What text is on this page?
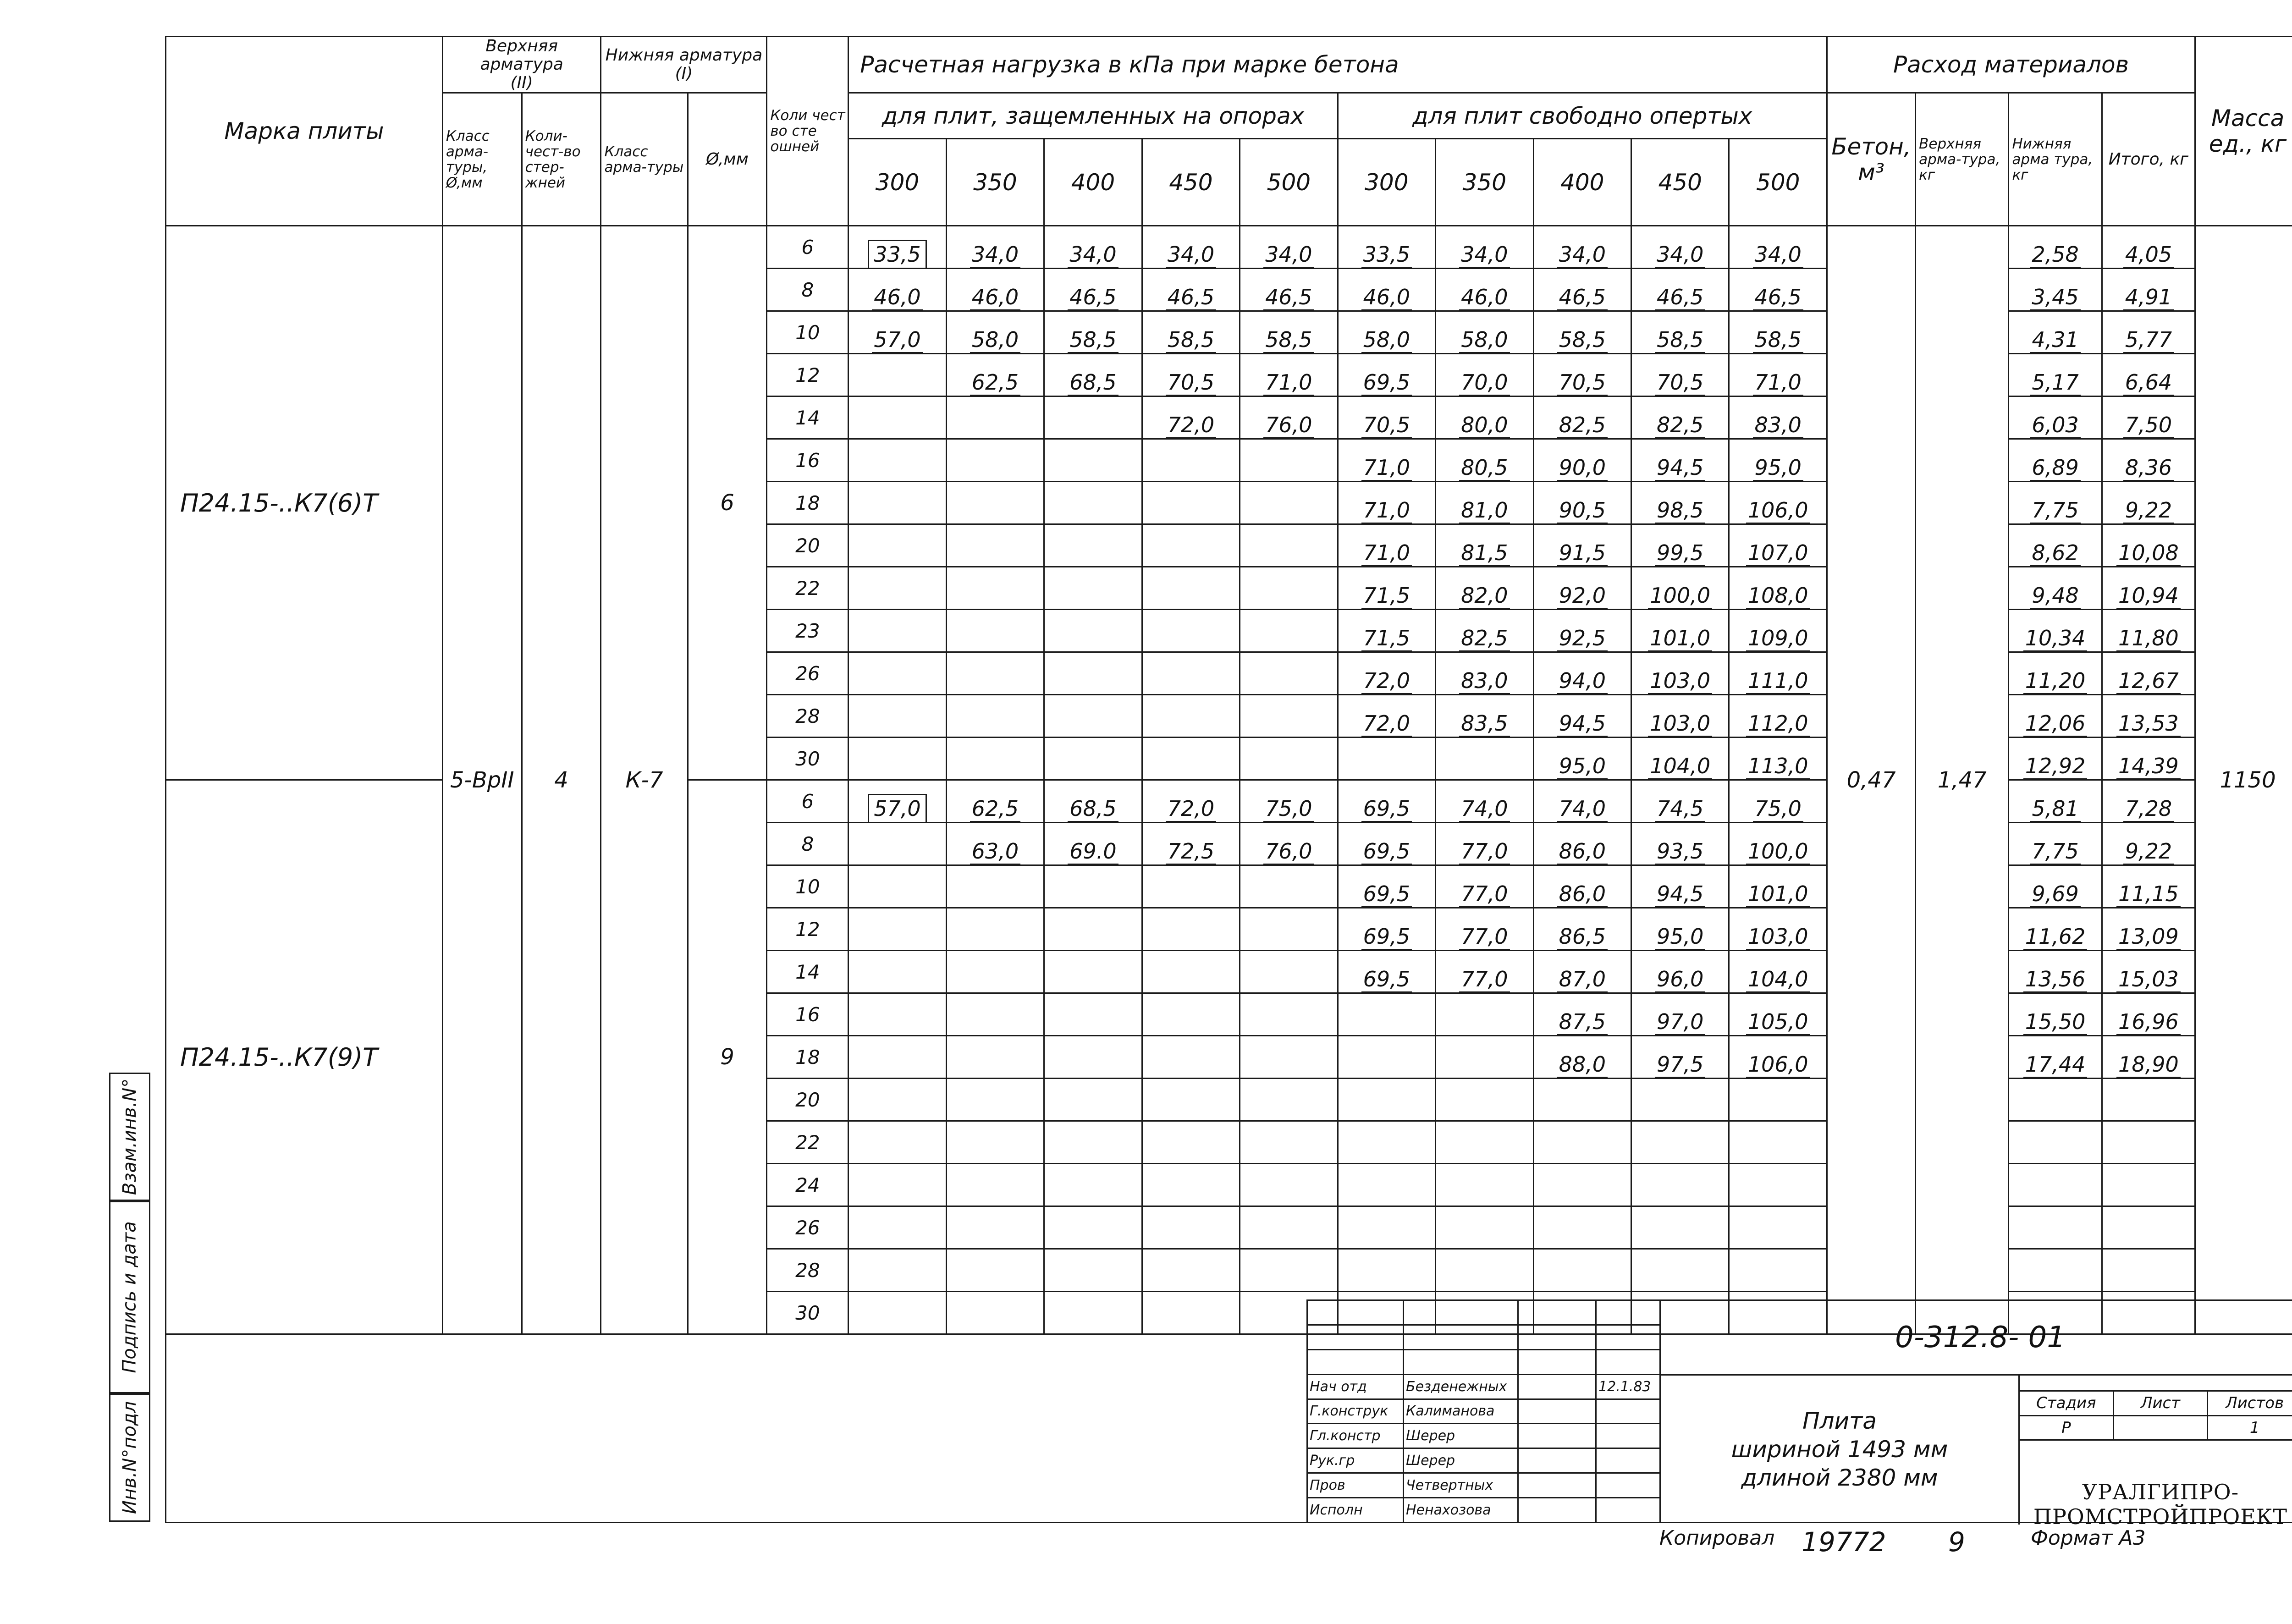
Марка плиты	Верхняя арматура
(II)		Нижняя арматура
(I)		Коли чест во сте ошней	Расчетная нагрузка в кПа при марке бетона										Расход материалов				Масса ед., кг
	Класс арма-туры, Ø,мм	Коли-чест-во стер-жней	Класс арма-туры	Ø,мм		для плит, защемленных на опорах					для плит свободно опертых					Бетон, м³	Верхняя арма-тура, кг	Нижняя арма тура, кг	Итого, кг	
						300	350	400	450	500	300	350	400	450	500					
П24.15-..К7(6)Т	5-ВрII	4	К-7	6	6	33,5	34,0	34,0	34,0	34,0	33,5	34,0	34,0	34,0	34,0	0,47	1,47	2,58	4,05	1150
					8	46,0	46,0	46,5	46,5	46,5	46,0	46,0	46,5	46,5	46,5			3,45	4,91	
					10	57,0	58,0	58,5	58,5	58,5	58,0	58,0	58,5	58,5	58,5			4,31	5,77	
					12		62,5	68,5	70,5	71,0	69,5	70,0	70,5	70,5	71,0			5,17	6,64	
					14				72,0	76,0	70,5	80,0	82,5	82,5	83,0			6,03	7,50	
					16						71,0	80,5	90,0	94,5	95,0			6,89	8,36	
					18						71,0	81,0	90,5	98,5	106,0			7,75	9,22	
					20						71,0	81,5	91,5	99,5	107,0			8,62	10,08	
					22						71,5	82,0	92,0	100,0	108,0			9,48	10,94	
					23						71,5	82,5	92,5	101,0	109,0			10,34	11,80	
					26						72,0	83,0	94,0	103,0	111,0			11,20	12,67	
					28						72,0	83,5	94,5	103,0	112,0			12,06	13,53	
					30								95,0	104,0	113,0			12,92	14,39	
П24.15-..К7(9)Т				9	6	57,0	62,5	68,5	72,0	75,0	69,5	74,0	74,0	74,5	75,0			5,81	7,28	
					8		63,0	69.0	72,5	76,0	69,5	77,0	86,0	93,5	100,0			7,75	9,22	
					10						69,5	77,0	86,0	94,5	101,0			9,69	11,15	
					12						69,5	77,0	86,5	95,0	103,0			11,62	13,09	
					14						69,5	77,0	87,0	96,0	104,0			13,56	15,03	
					16								87,5	97,0	105,0			15,50	16,96	
					18								88,0	97,5	106,0			17,44	18,90	
					20															
					22															
					24															
					26															
					28															
					30															
Взам.инв.N°
Подпись и дата
Инв.N°подл

Нач отд	Безденежных		12.1.83
Г.конструк	Калиманова		
Гл.констр	Шерер		
Рук.гр	Шерер		
Пров	Четвертных		
Исполн	Ненахозова		
0-312.8- 01
Плита
шириной 1493 мм
длиной 2380 мм
Стадия	Лист	Листов
Р		1
УРАЛГИПРО- ПРОМСТРОЙПРОЕКТ
Копировал 19772 9	Формат А3
